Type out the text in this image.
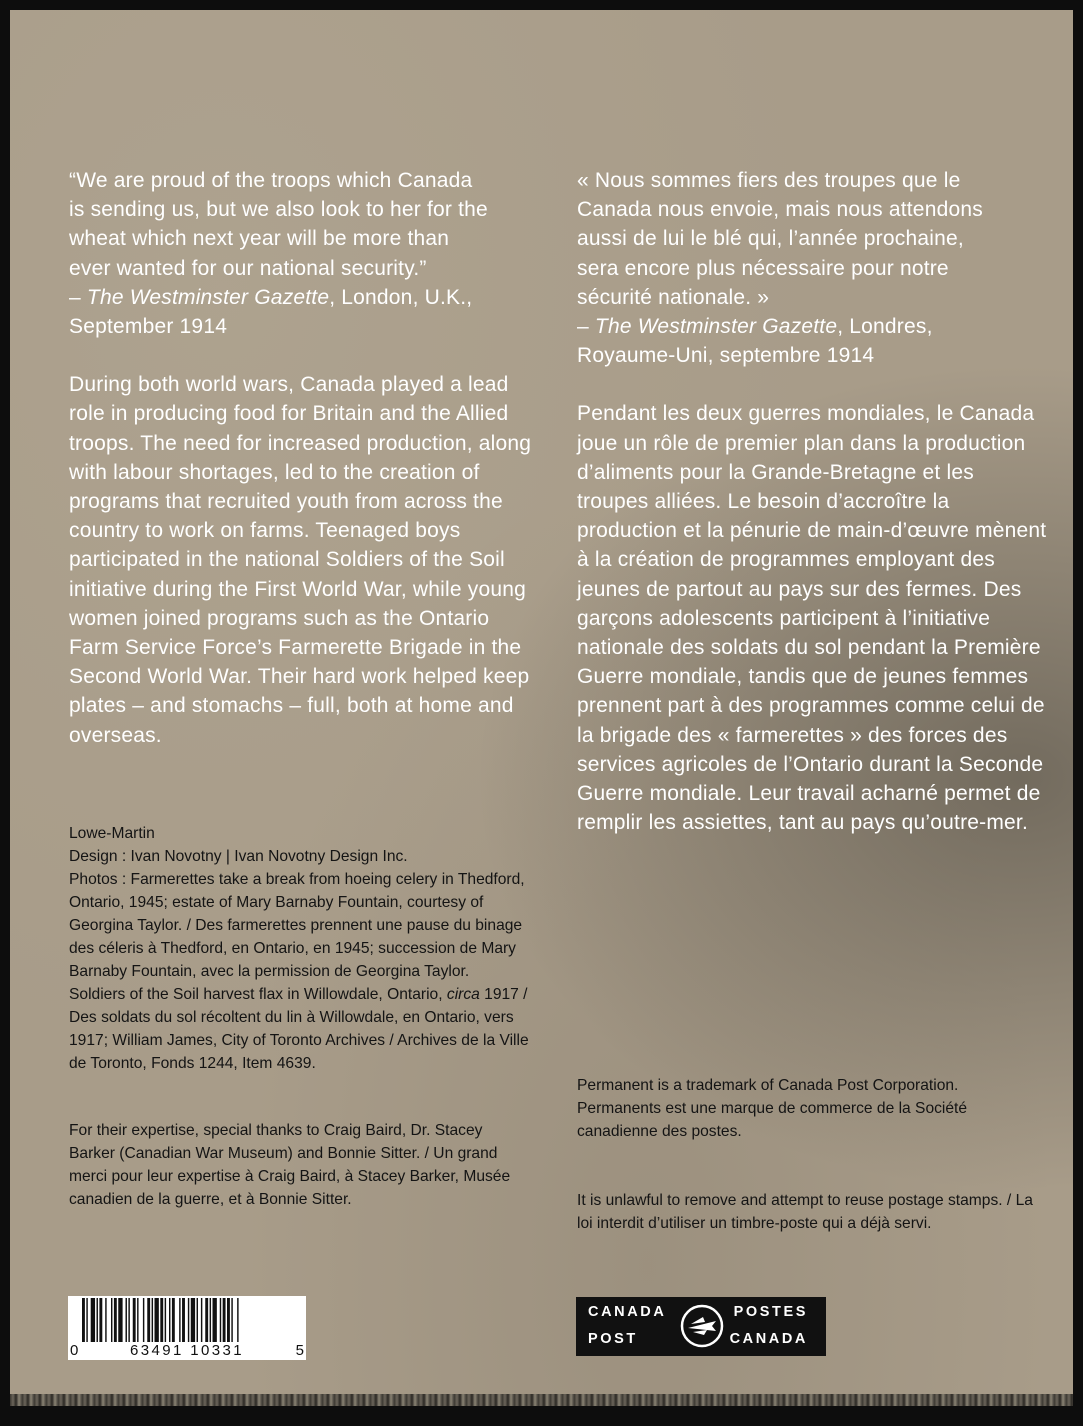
“We are proud of the troops which Canada
is sending us, but we also look to her for the
wheat which next year will be more than
ever wanted for our national security.”
– The Westminster Gazette, London, U.K.,
September 1914

During both world wars, Canada played a lead role in producing food for Britain and the Allied troops. The need for increased production, along with labour shortages, led to the creation of programs that recruited youth from across the country to work on farms. Teenaged boys participated in the national Soldiers of the Soil initiative during the First World War, while young women joined programs such as the Ontario Farm Service Force’s Farmerette Brigade in the Second World War. Their hard work helped keep plates – and stomachs – full, both at home and overseas.

« Nous sommes fiers des troupes que le
Canada nous envoie, mais nous attendons
aussi de lui le blé qui, l’année prochaine,
sera encore plus nécessaire pour notre
sécurité nationale. »
– The Westminster Gazette, Londres,
Royaume-Uni, septembre 1914

Pendant les deux guerres mondiales, le Canada joue un rôle de premier plan dans la production d’aliments pour la Grande-Bretagne et les troupes alliées. Le besoin d’accroître la production et la pénurie de main-d’œuvre mènent à la création de programmes employant des jeunes de partout au pays sur des fermes. Des garçons adolescents participent à l’initiative nationale des soldats du sol pendant la Première Guerre mondiale, tandis que de jeunes femmes prennent part à des programmes comme celui de la brigade des « farmerettes » des forces des services agricoles de l’Ontario durant la Seconde Guerre mondiale. Leur travail acharné permet de remplir les assiettes, tant au pays qu’outre-mer.

Lowe-Martin

Design : Ivan Novotny | Ivan Novotny Design Inc.

Photos : Farmerettes take a break from hoeing celery in Thedford, Ontario, 1945; estate of Mary Barnaby Fountain, courtesy of Georgina Taylor. / Des farmerettes prennent une pause du binage des céleris à Thedford, en Ontario, en 1945; succession de Mary Barnaby Fountain, avec la permission de Georgina Taylor. Soldiers of the Soil harvest flax in Willowdale, Ontario, circa 1917 / Des soldats du sol récoltent du lin à Willowdale, en Ontario, vers 1917; William James, City of Toronto Archives / Archives de la Ville de Toronto, Fonds 1244, Item 4639.

For their expertise, special thanks to Craig Baird, Dr. Stacey Barker (Canadian War Museum) and Bonnie Sitter. / Un grand merci pour leur expertise à Craig Baird, à Stacey Barker, Musée canadien de la guerre, et à Bonnie Sitter.

Permanent is a trademark of Canada Post Corporation. Permanents est une marque de commerce de la Société canadienne des postes.

It is unlawful to remove and attempt to reuse postage stamps. / La loi interdit d’utiliser un timbre-poste qui a déjà servi.

0	63491 10331	5
CANADA
POST
POSTES
CANADA
